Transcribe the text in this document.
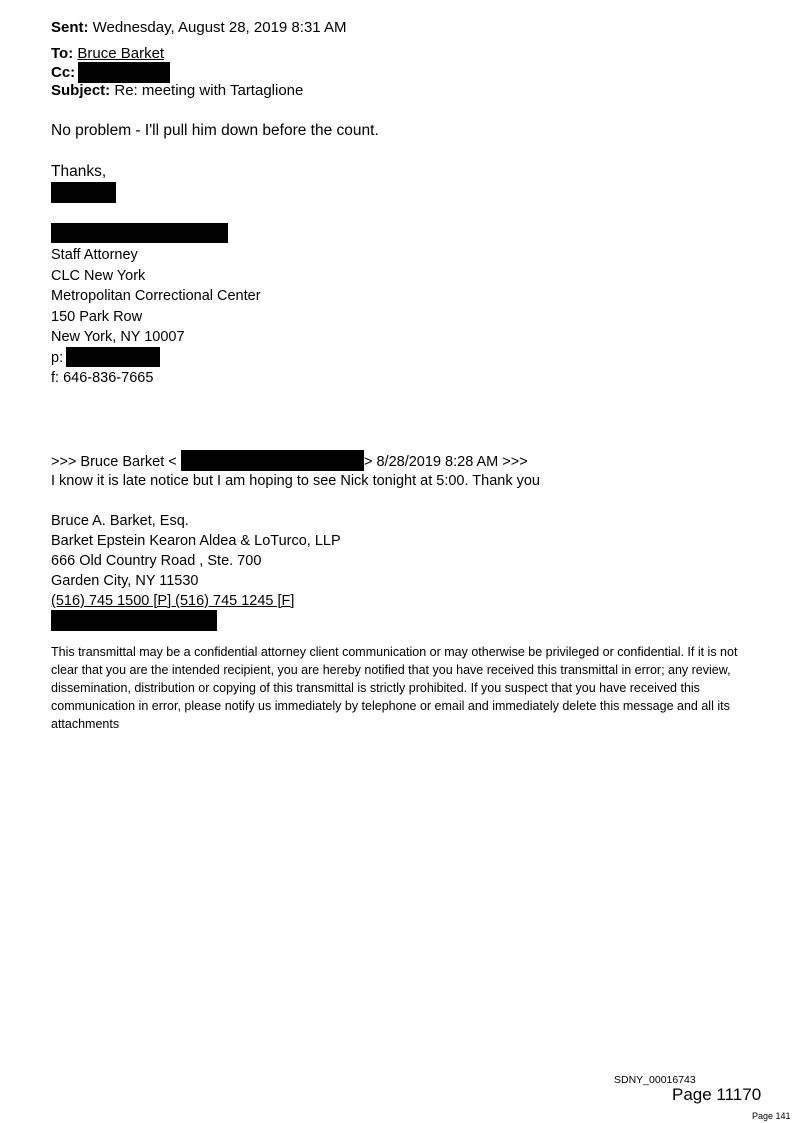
Sent: Wednesday, August 28, 2019 8:31 AM
To: Bruce Barket
Cc:
Subject: Re: meeting with Tartaglione
No problem - I'll pull him down before the count.
Thanks,
Staff Attorney
CLC New York
Metropolitan Correctional Center
150 Park Row
New York, NY 10007
p:
f: 646-836-7665
>>> Bruce Barket <	> 8/28/2019 8:28 AM >>>
I know it is late notice but I am hoping to see Nick tonight at 5:00. Thank you
Bruce A. Barket, Esq.
Barket Epstein Kearon Aldea & LoTurco, LLP
666 Old Country Road , Ste. 700
Garden City, NY 11530
(516) 745 1500 [P] (516) 745 1245 [F]
This transmittal may be a confidential attorney client communication or may otherwise be privileged or confidential. If it is not clear that you are the intended recipient, you are hereby notified that you have received this transmittal in error; any review, dissemination, distribution or copying of this transmittal is strictly prohibited. If you suspect that you have received this communication in error, please notify us immediately by telephone or email and immediately delete this message and all its attachments
SDNY_00016743
Page 11170
Page 141
